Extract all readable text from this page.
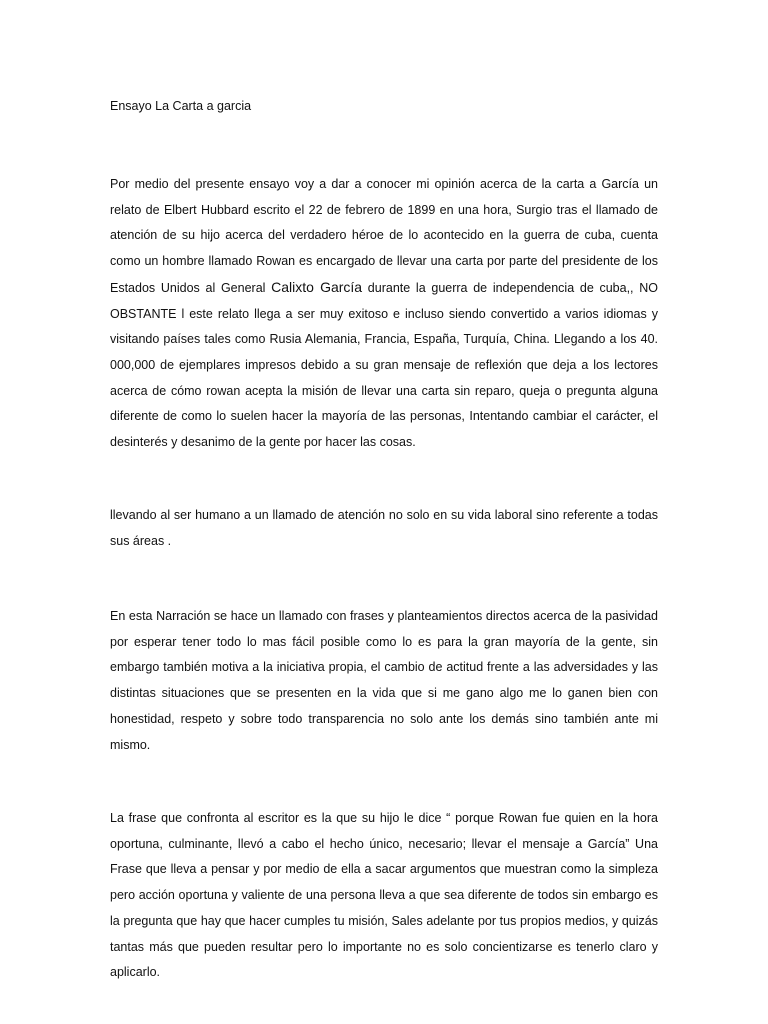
Ensayo La Carta a garcia

Por medio del presente ensayo voy a dar a conocer mi opinión acerca de la carta a García un relato de Elbert Hubbard escrito el 22 de febrero de 1899 en una hora, Surgio tras el llamado de atención de su hijo acerca del verdadero héroe de lo acontecido en la guerra de cuba, cuenta como un hombre llamado Rowan es encargado de llevar una carta por parte del presidente de los Estados Unidos al General Calixto García durante la guerra de independencia de cuba,, NO OBSTANTE l este relato llega a ser muy exitoso e incluso siendo convertido a varios idiomas y visitando países tales como Rusia Alemania, Francia, España, Turquía, China. Llegando a los 40. 000,000 de ejemplares impresos debido a su gran mensaje de reflexión que deja a los lectores acerca de cómo rowan acepta la misión de llevar una carta sin reparo, queja o pregunta alguna diferente de como lo suelen hacer la mayoría de las personas, Intentando cambiar el carácter, el desinterés y desanimo de la gente por hacer las cosas.

llevando al ser humano a un llamado de atención no solo en su vida laboral sino referente a todas sus áreas .

En esta Narración se hace un llamado con frases y planteamientos directos acerca de la pasividad por esperar tener todo lo mas fácil posible como lo es para la gran mayoría de la gente, sin embargo también motiva a la iniciativa propia, el cambio de actitud frente a las adversidades y las distintas situaciones que se presenten en la vida que si me gano algo me lo ganen bien con honestidad, respeto y sobre todo transparencia no solo ante los demás sino también ante mi mismo.

La frase que confronta al escritor es la que su hijo le dice “ porque Rowan fue quien en la hora oportuna, culminante, llevó a cabo el hecho único, necesario; llevar el mensaje a García” Una Frase que lleva a pensar y por medio de ella a sacar argumentos que muestran como la simpleza pero acción oportuna y valiente de una persona lleva a que sea diferente de todos sin embargo es la pregunta que hay que hacer cumples tu misión, Sales adelante por tus propios medios, y quizás tantas más que pueden resultar pero lo importante no es solo concientizarse es tenerlo claro y aplicarlo.
